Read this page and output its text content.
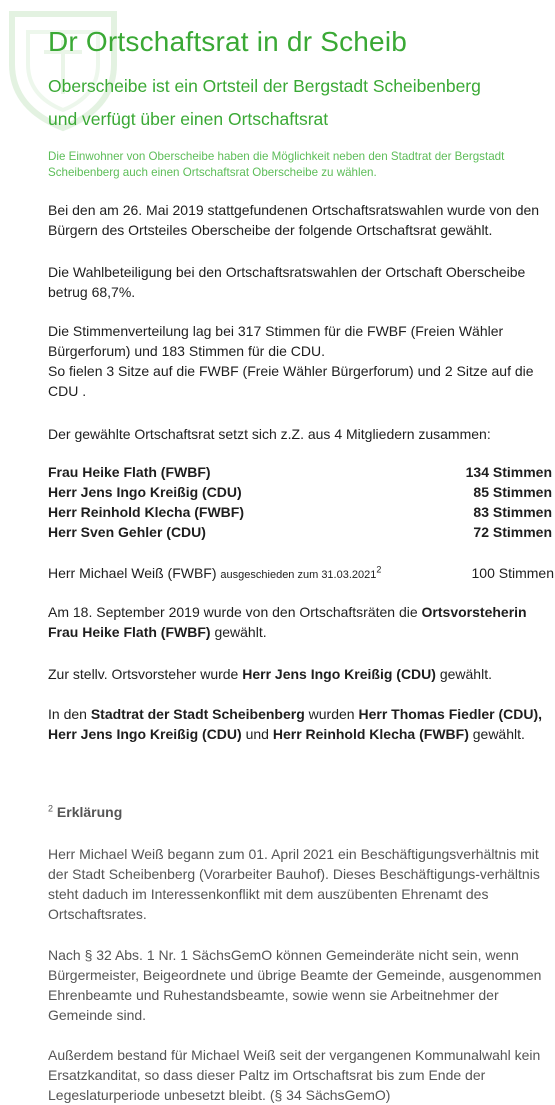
Dr Ortschaftsrat in dr Scheib
Oberscheibe ist ein Ortsteil der Bergstadt Scheibenberg
und verfügt über einen Ortschaftsrat
Die Einwohner von Oberscheibe haben die Möglichkeit neben den Stadtrat der Bergstadt Scheibenberg auch einen Ortschaftsrat Oberscheibe zu wählen.
Bei den am 26. Mai 2019 stattgefundenen Ortschaftsratswahlen wurde von den Bürgern des Ortsteiles Oberscheibe der folgende Ortschaftsrat gewählt.
Die Wahlbeteiligung bei den Ortschaftsratswahlen der Ortschaft Oberscheibe betrug 68,7%.
Die Stimmenverteilung lag bei 317 Stimmen für die FWBF (Freien Wähler Bürgerforum) und 183 Stimmen für die CDU.
So fielen 3 Sitze auf die FWBF (Freie Wähler Bürgerforum) und 2 Sitze auf die CDU .
Der gewählte Ortschaftsrat setzt sich z.Z. aus 4 Mitgliedern zusammen:
Frau Heike Flath (FWBF)	134 Stimmen
Herr Jens Ingo Kreißig (CDU)	85 Stimmen
Herr Reinhold Klecha (FWBF)	83 Stimmen
Herr Sven Gehler (CDU)	72 Stimmen
Herr Michael Weiß (FWBF) ausgeschieden zum 31.03.2021$^2$	100 Stimmen
Am 18. September 2019 wurde von den Ortschaftsräten die Ortsvorsteherin Frau Heike Flath (FWBF) gewählt.
Zur stellv. Ortsvorsteher wurde Herr Jens Ingo Kreißig (CDU) gewählt.
In den Stadtrat der Stadt Scheibenberg wurden Herr Thomas Fiedler (CDU), Herr Jens Ingo Kreißig (CDU) und Herr Reinhold Klecha (FWBF) gewählt.
$^2$ Erklärung
Herr Michael Weiß begann zum 01. April 2021 ein Beschäftigungsverhältnis mit der Stadt Scheibenberg (Vorarbeiter Bauhof). Dieses Beschäftigungs-verhältnis steht daduch im Interessenkonflikt mit dem auszübenten Ehrenamt des Ortschaftsrates.
Nach § 32 Abs. 1 Nr. 1 SächsGemO können Gemeinderäte nicht sein, wenn Bürgermeister, Beigeordnete und übrige Beamte der Gemeinde, ausgenommen Ehrenbeamte und Ruhestandsbeamte, sowie wenn sie Arbeitnehmer der Gemeinde sind.
Außerdem bestand für Michael Weiß seit der vergangenen Kommunalwahl kein Ersatzkanditat, so dass dieser Paltz im Ortschaftsrat bis zum Ende der Legeslaturperiode unbesetzt bleibt. (§ 34 SächsGemO)
